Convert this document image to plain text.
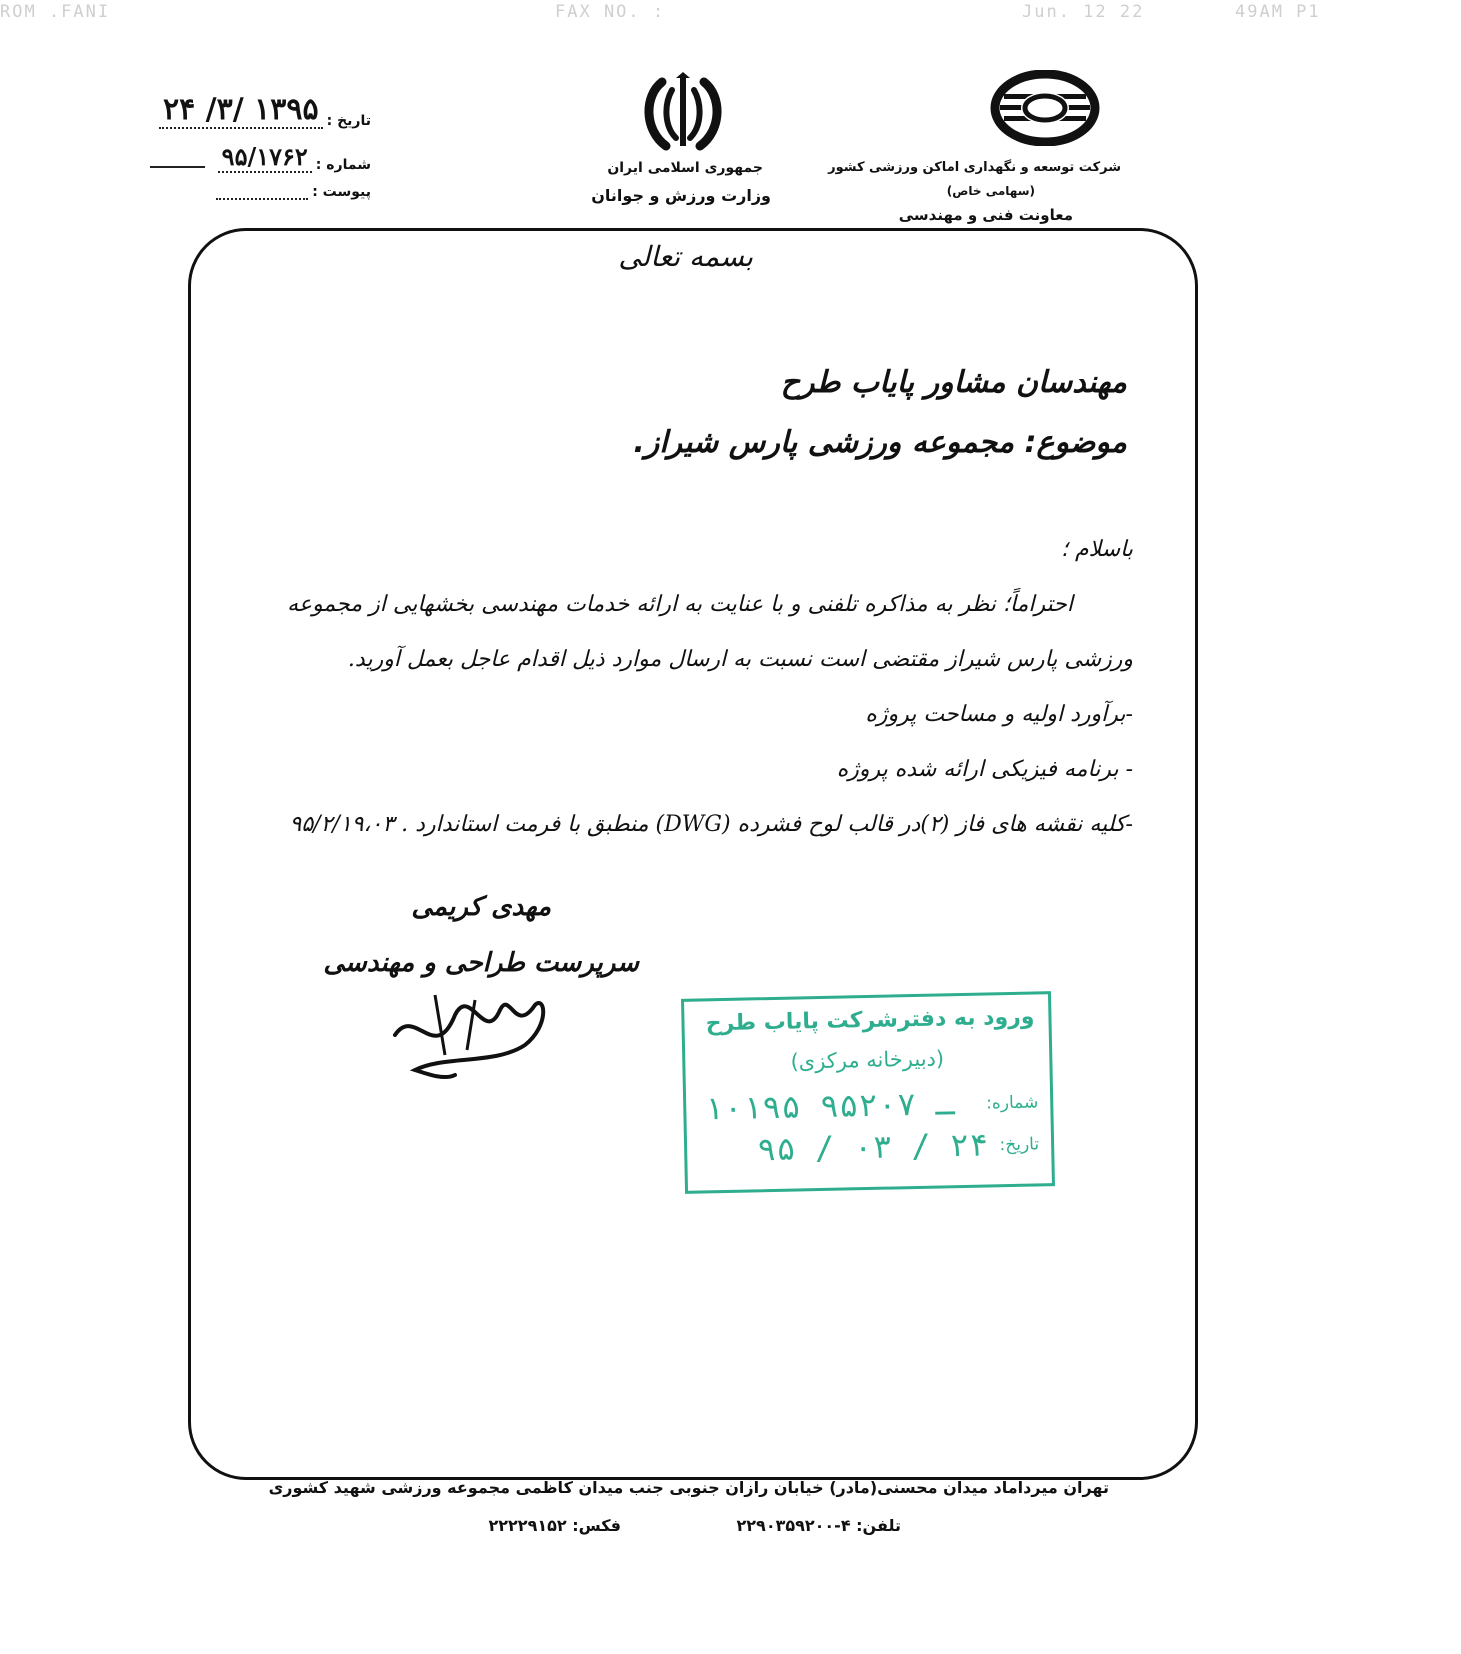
ROM .FANI	FAX NO. :	Jun. 12 22	49AM P1
شرکت توسعه و نگهداری اماکن ورزشی کشور
(سهامی خاص)
معاونت فنی و مهندسی
جمهوری اسلامی ایران
وزارت ورزش و جوانان
تاریخ :
۱۳۹۵ /۳/ ۲۴
شماره :
۹۵/۱۷۶۲
پیوست :
بسمه تعالی
مهندسان مشاور پایاب طرح
موضوع: مجموعه ورزشی پارس شیراز.
باسلام ؛
احتراماً؛ نظر به مذاکره تلفنی و با عنایت به ارائه خدمات مهندسی بخشهایی از مجموعه
ورزشی پارس شیراز مقتضی است نسبت به ارسال موارد ذیل اقدام عاجل بعمل آورید.
-برآورد اولیه و مساحت پروژه
- برنامه فیزیکی ارائه شده پروژه
-کلیه نقشه های فاز (۲)در قالب لوح فشرده (DWG) منطبق با فرمت استاندارد . ۹۵/۲/۱۹،۰۳
مهدی کریمی
سرپرست طراحی و مهندسی
ورود به دفترشرکت پایاب طرح
(دبیرخانه مرکزی)
شماره:
۱۰۱۹۵ ـ ۹۵۲۰۷
تاریخ:
۹۵ / ۰۳ / ۲۴
تهران میرداماد میدان محسنی(مادر) خیابان رازان جنوبی جنب میدان کاظمی مجموعه ورزشی شهید کشوری
تلفن: ۴-۲۲۹۰۳۵۹۲۰۰
فکس: ۲۲۲۲۹۱۵۲
